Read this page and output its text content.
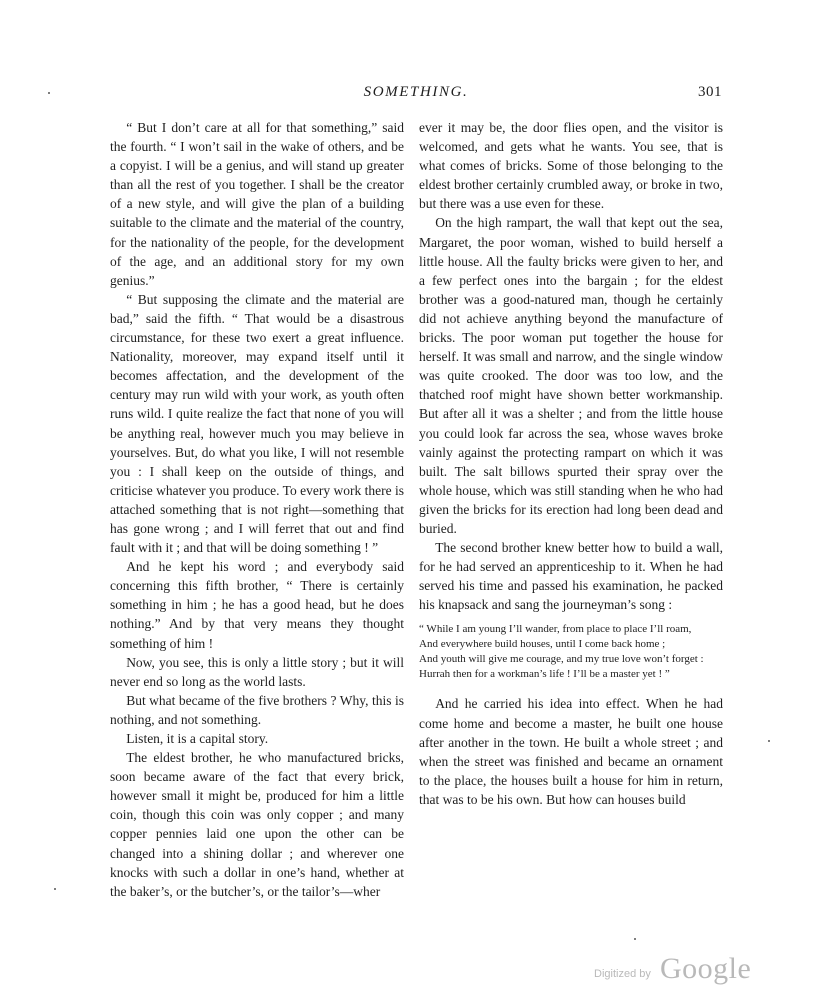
SOMETHING.	301

“ But I don’t care at all for that something,” said the fourth. “ I won’t sail in the wake of others, and be a copyist. I will be a genius, and will stand up greater than all the rest of you together. I shall be the creator of a new style, and will give the plan of a building suitable to the climate and the material of the country, for the nationality of the people, for the development of the age, and an additional story for my own genius.”

“ But supposing the climate and the material are bad,” said the fifth. “ That would be a disastrous circumstance, for these two exert a great influence. Nationality, moreover, may expand itself until it becomes affectation, and the development of the century may run wild with your work, as youth often runs wild. I quite realize the fact that none of you will be anything real, however much you may believe in yourselves. But, do what you like, I will not resemble you : I shall keep on the outside of things, and criticise whatever you produce. To every work there is attached something that is not right—something that has gone wrong ; and I will ferret that out and find fault with it ; and that will be doing something ! ”

And he kept his word ; and everybody said concerning this fifth brother, “ There is certainly something in him ; he has a good head, but he does nothing.” And by that very means they thought something of him !

Now, you see, this is only a little story ; but it will never end so long as the world lasts.

But what became of the five brothers ? Why, this is nothing, and not something.

Listen, it is a capital story.

The eldest brother, he who manufactured bricks, soon became aware of the fact that every brick, however small it might be, produced for him a little coin, though this coin was only copper ; and many copper pennies laid one upon the other can be changed into a shining dollar ; and wherever one knocks with such a dollar in one’s hand, whether at the baker’s, or the butcher’s, or the tailor’s—wher

ever it may be, the door flies open, and the visitor is welcomed, and gets what he wants. You see, that is what comes of bricks. Some of those belonging to the eldest brother certainly crumbled away, or broke in two, but there was a use even for these.

On the high rampart, the wall that kept out the sea, Margaret, the poor woman, wished to build herself a little house. All the faulty bricks were given to her, and a few perfect ones into the bargain ; for the eldest brother was a good-natured man, though he certainly did not achieve anything beyond the manufacture of bricks. The poor woman put together the house for herself. It was small and narrow, and the single window was quite crooked. The door was too low, and the thatched roof might have shown better workmanship. But after all it was a shelter ; and from the little house you could look far across the sea, whose waves broke vainly against the protecting rampart on which it was built. The salt billows spurted their spray over the whole house, which was still standing when he who had given the bricks for its erection had long been dead and buried.

The second brother knew better how to build a wall, for he had served an apprenticeship to it. When he had served his time and passed his examination, he packed his knapsack and sang the journeyman’s song :

“ While I am young I’ll wander, from place to place I’ll roam,
And everywhere build houses, until I come back home ;
And youth will give me courage, and my true love won’t forget :
Hurrah then for a workman’s life ! I’ll be a master yet ! ”

And he carried his idea into effect. When he had come home and become a master, he built one house after another in the town. He built a whole street ; and when the street was finished and became an ornament to the place, the houses built a house for him in return, that was to be his own. But how can houses build

Digitized by Google
